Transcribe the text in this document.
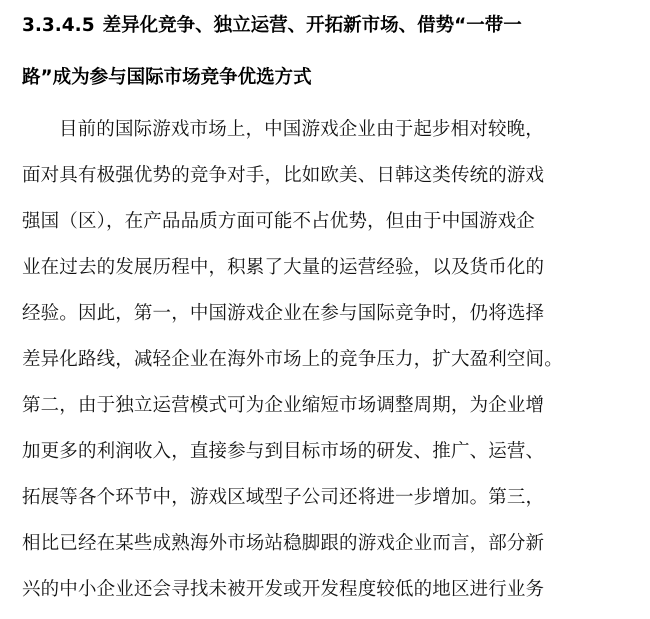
3.3.4.5 差异化竞争、独立运营、开拓新市场、借势“一带一
路”成为参与国际市场竞争优选方式
目前的国际游戏市场上，中国游戏企业由于起步相对较晚，
面对具有极强优势的竞争对手，比如欧美、日韩这类传统的游戏
强国（区），在产品品质方面可能不占优势，但由于中国游戏企
业在过去的发展历程中，积累了大量的运营经验，以及货币化的
经验。因此，第一，中国游戏企业在参与国际竞争时，仍将选择
差异化路线，减轻企业在海外市场上的竞争压力，扩大盈利空间。
第二，由于独立运营模式可为企业缩短市场调整周期，为企业增
加更多的利润收入，直接参与到目标市场的研发、推广、运营、
拓展等各个环节中，游戏区域型子公司还将进一步增加。第三，
相比已经在某些成熟海外市场站稳脚跟的游戏企业而言，部分新
兴的中小企业还会寻找未被开发或开发程度较低的地区进行业务
